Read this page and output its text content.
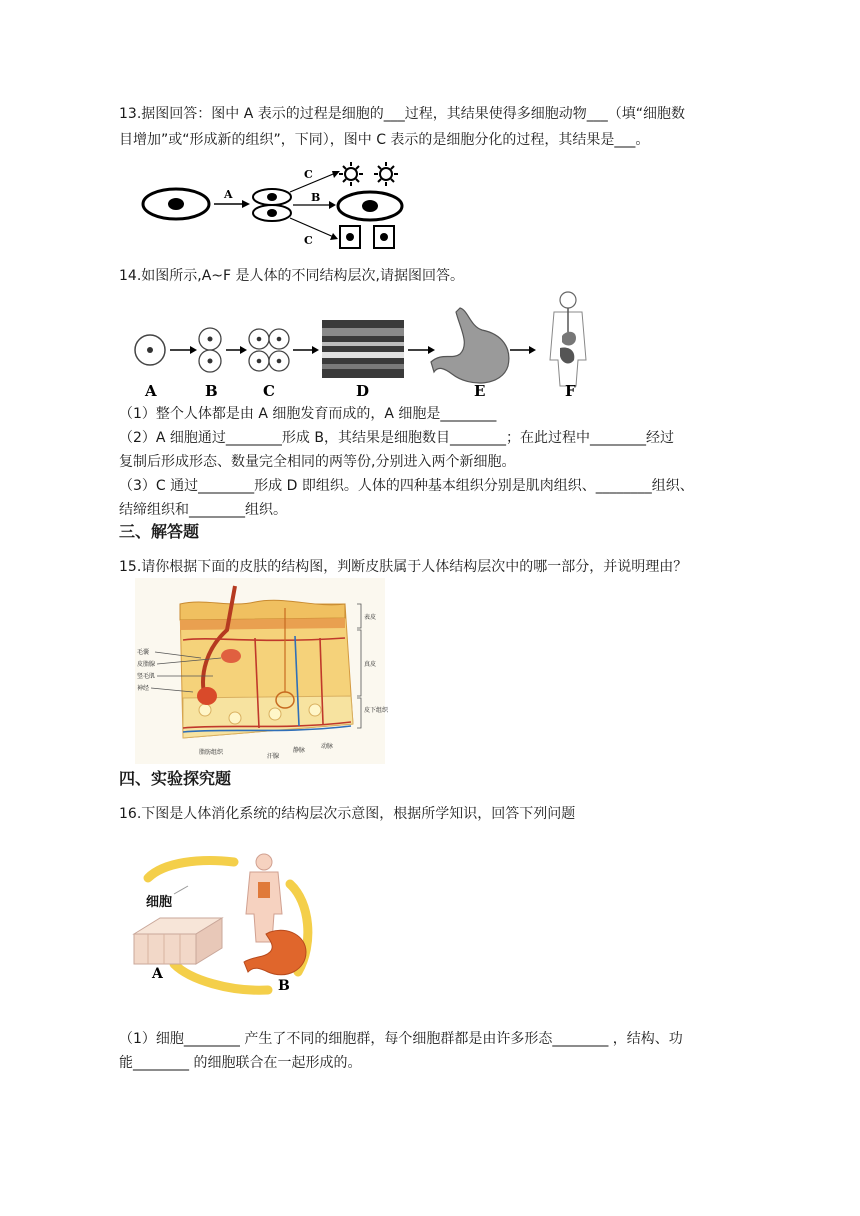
13.据图回答：图中 A 表示的过程是细胞的___过程，其结果使得多细胞动物___（填“细胞数
目增加”或“形成新的组织”，下同），图中 C 表示的是细胞分化的过程，其结果是___。
A
C
B
C
14.如图所示,A~F 是人体的不同结构层次,请据图回答。
A	B	C	D	E	F
（1）整个人体都是由 A 细胞发育而成的，A 细胞是________
（2）A 细胞通过________形成 B，其结果是细胞数目________；在此过程中________经过
复制后形成形态、数量完全相同的两等份,分别进入两个新细胞。
（3）C 通过________形成 D 即组织。人体的四种基本组织分别是肌肉组织、________组织、
结缔组织和________组织。
三、解答题
15.请你根据下面的皮肤的结构图，判断皮肤属于人体结构层次中的哪一部分，并说明理由？
毛囊
皮脂腺
竖毛肌
神经
表皮
真皮
皮下组织
脂肪组织
汗腺
静脉
动脉
四、实验探究题
16.下图是人体消化系统的结构层次示意图，根据所学知识，回答下列问题
细胞
A
B
（1）细胞________ 产生了不同的细胞群，每个细胞群都是由许多形态________ ，结构、功
能________ 的细胞联合在一起形成的。
